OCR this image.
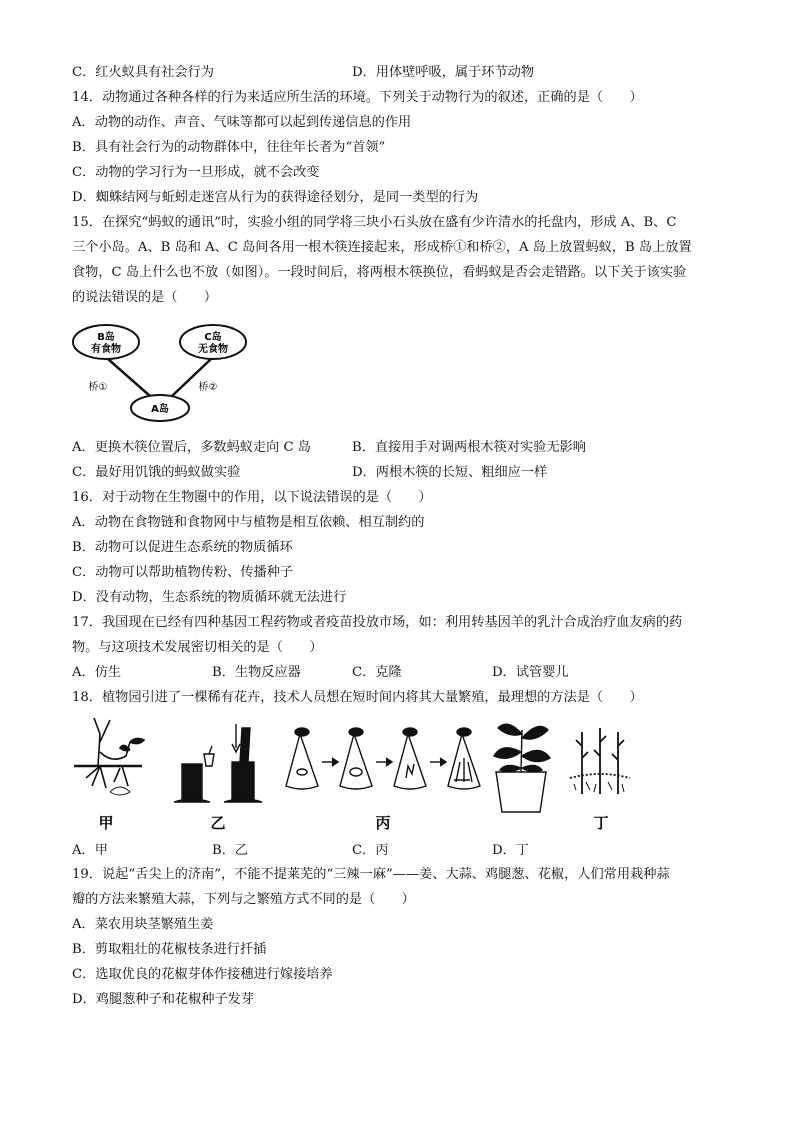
C．红火蚁具有社会行为	D．用体壁呼吸，属于环节动物
14．动物通过各种各样的行为来适应所生活的环境。下列关于动物行为的叙述，正确的是（　　）
A．动物的动作、声音、气味等都可以起到传递信息的作用
B．具有社会行为的动物群体中，往往年长者为“首领”
C．动物的学习行为一旦形成，就不会改变
D．蜘蛛结网与蚯蚓走迷宫从行为的获得途径划分，是同一类型的行为
15．在探究“蚂蚁的通讯”时，实验小组的同学将三块小石头放在盛有少许清水的托盘内，形成 A、B、C
三个小岛。A、B 岛和 A、C 岛间各用一根木筷连接起来，形成桥①和桥②，A 岛上放置蚂蚁，B 岛上放置
食物，C 岛上什么也不放（如图）。一段时间后，将两根木筷换位，看蚂蚁是否会走错路。以下关于该实验
的说法错误的是（　　）
B岛
有食物
C岛
无食物
A岛
桥①	桥②
A．更换木筷位置后，多数蚂蚁走向 C 岛	B．直接用手对调两根木筷对实验无影响
C．最好用饥饿的蚂蚁做实验	D．两根木筷的长短、粗细应一样
16．对于动物在生物圈中的作用，以下说法错误的是（　　）
A．动物在食物链和食物网中与植物是相互依赖、相互制约的
B．动物可以促进生态系统的物质循环
C．动物可以帮助植物传粉、传播种子
D．没有动物，生态系统的物质循环就无法进行
17．我国现在已经有四种基因工程药物或者疫苗投放市场，如：利用转基因羊的乳汁合成治疗血友病的药
物。与这项技术发展密切相关的是（　　）
A．仿生	B．生物反应器	C．克隆	D．试管婴儿
18．植物园引进了一棵稀有花卉，技术人员想在短时间内将其大量繁殖，最理想的方法是（　　）
甲	乙	丙	丁
A．甲	B．乙	C．丙	D．丁
19．说起“舌尖上的济南”，不能不提莱芜的“三辣一麻”——姜、大蒜、鸡腿葱、花椒，人们常用栽种蒜
瓣的方法来繁殖大蒜，下列与之繁殖方式不同的是（　　）
A．菜农用块茎繁殖生姜
B．剪取粗壮的花椒枝条进行扦插
C．选取优良的花椒芽体作接穗进行嫁接培养
D．鸡腿葱种子和花椒种子发芽
